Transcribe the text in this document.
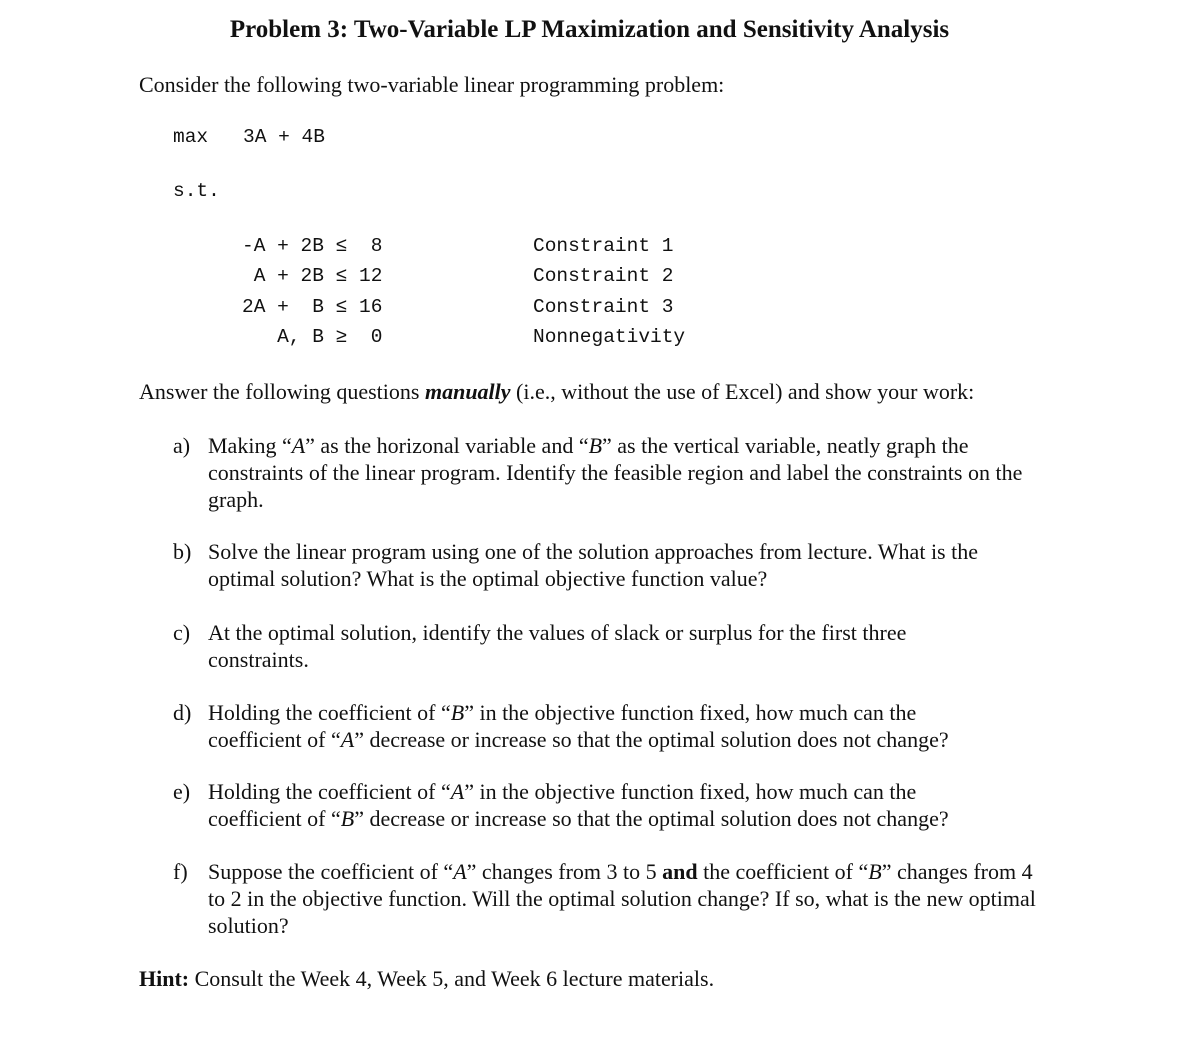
Problem 3: Two-Variable LP Maximization and Sensitivity Analysis
Consider the following two-variable linear programming problem:
max 3A + 4B
s.t.
-A + 2B ≤  8	Constraint 1
A + 2B ≤ 12	Constraint 2
2A +  B ≤ 16	Constraint 3
A, B ≥  0	Nonnegativity
Answer the following questions manually (i.e., without the use of Excel) and show your work:
a) Making “A” as the horizonal variable and “B” as the vertical variable, neatly graph the constraints of the linear program. Identify the feasible region and label the constraints on the graph.
b) Solve the linear program using one of the solution approaches from lecture. What is the optimal solution? What is the optimal objective function value?
c) At the optimal solution, identify the values of slack or surplus for the first three constraints.
d) Holding the coefficient of “B” in the objective function fixed, how much can the coefficient of “A” decrease or increase so that the optimal solution does not change?
e) Holding the coefficient of “A” in the objective function fixed, how much can the coefficient of “B” decrease or increase so that the optimal solution does not change?
f) Suppose the coefficient of “A” changes from 3 to 5 and the coefficient of “B” changes from 4 to 2 in the objective function. Will the optimal solution change? If so, what is the new optimal solution?
Hint: Consult the Week 4, Week 5, and Week 6 lecture materials.
